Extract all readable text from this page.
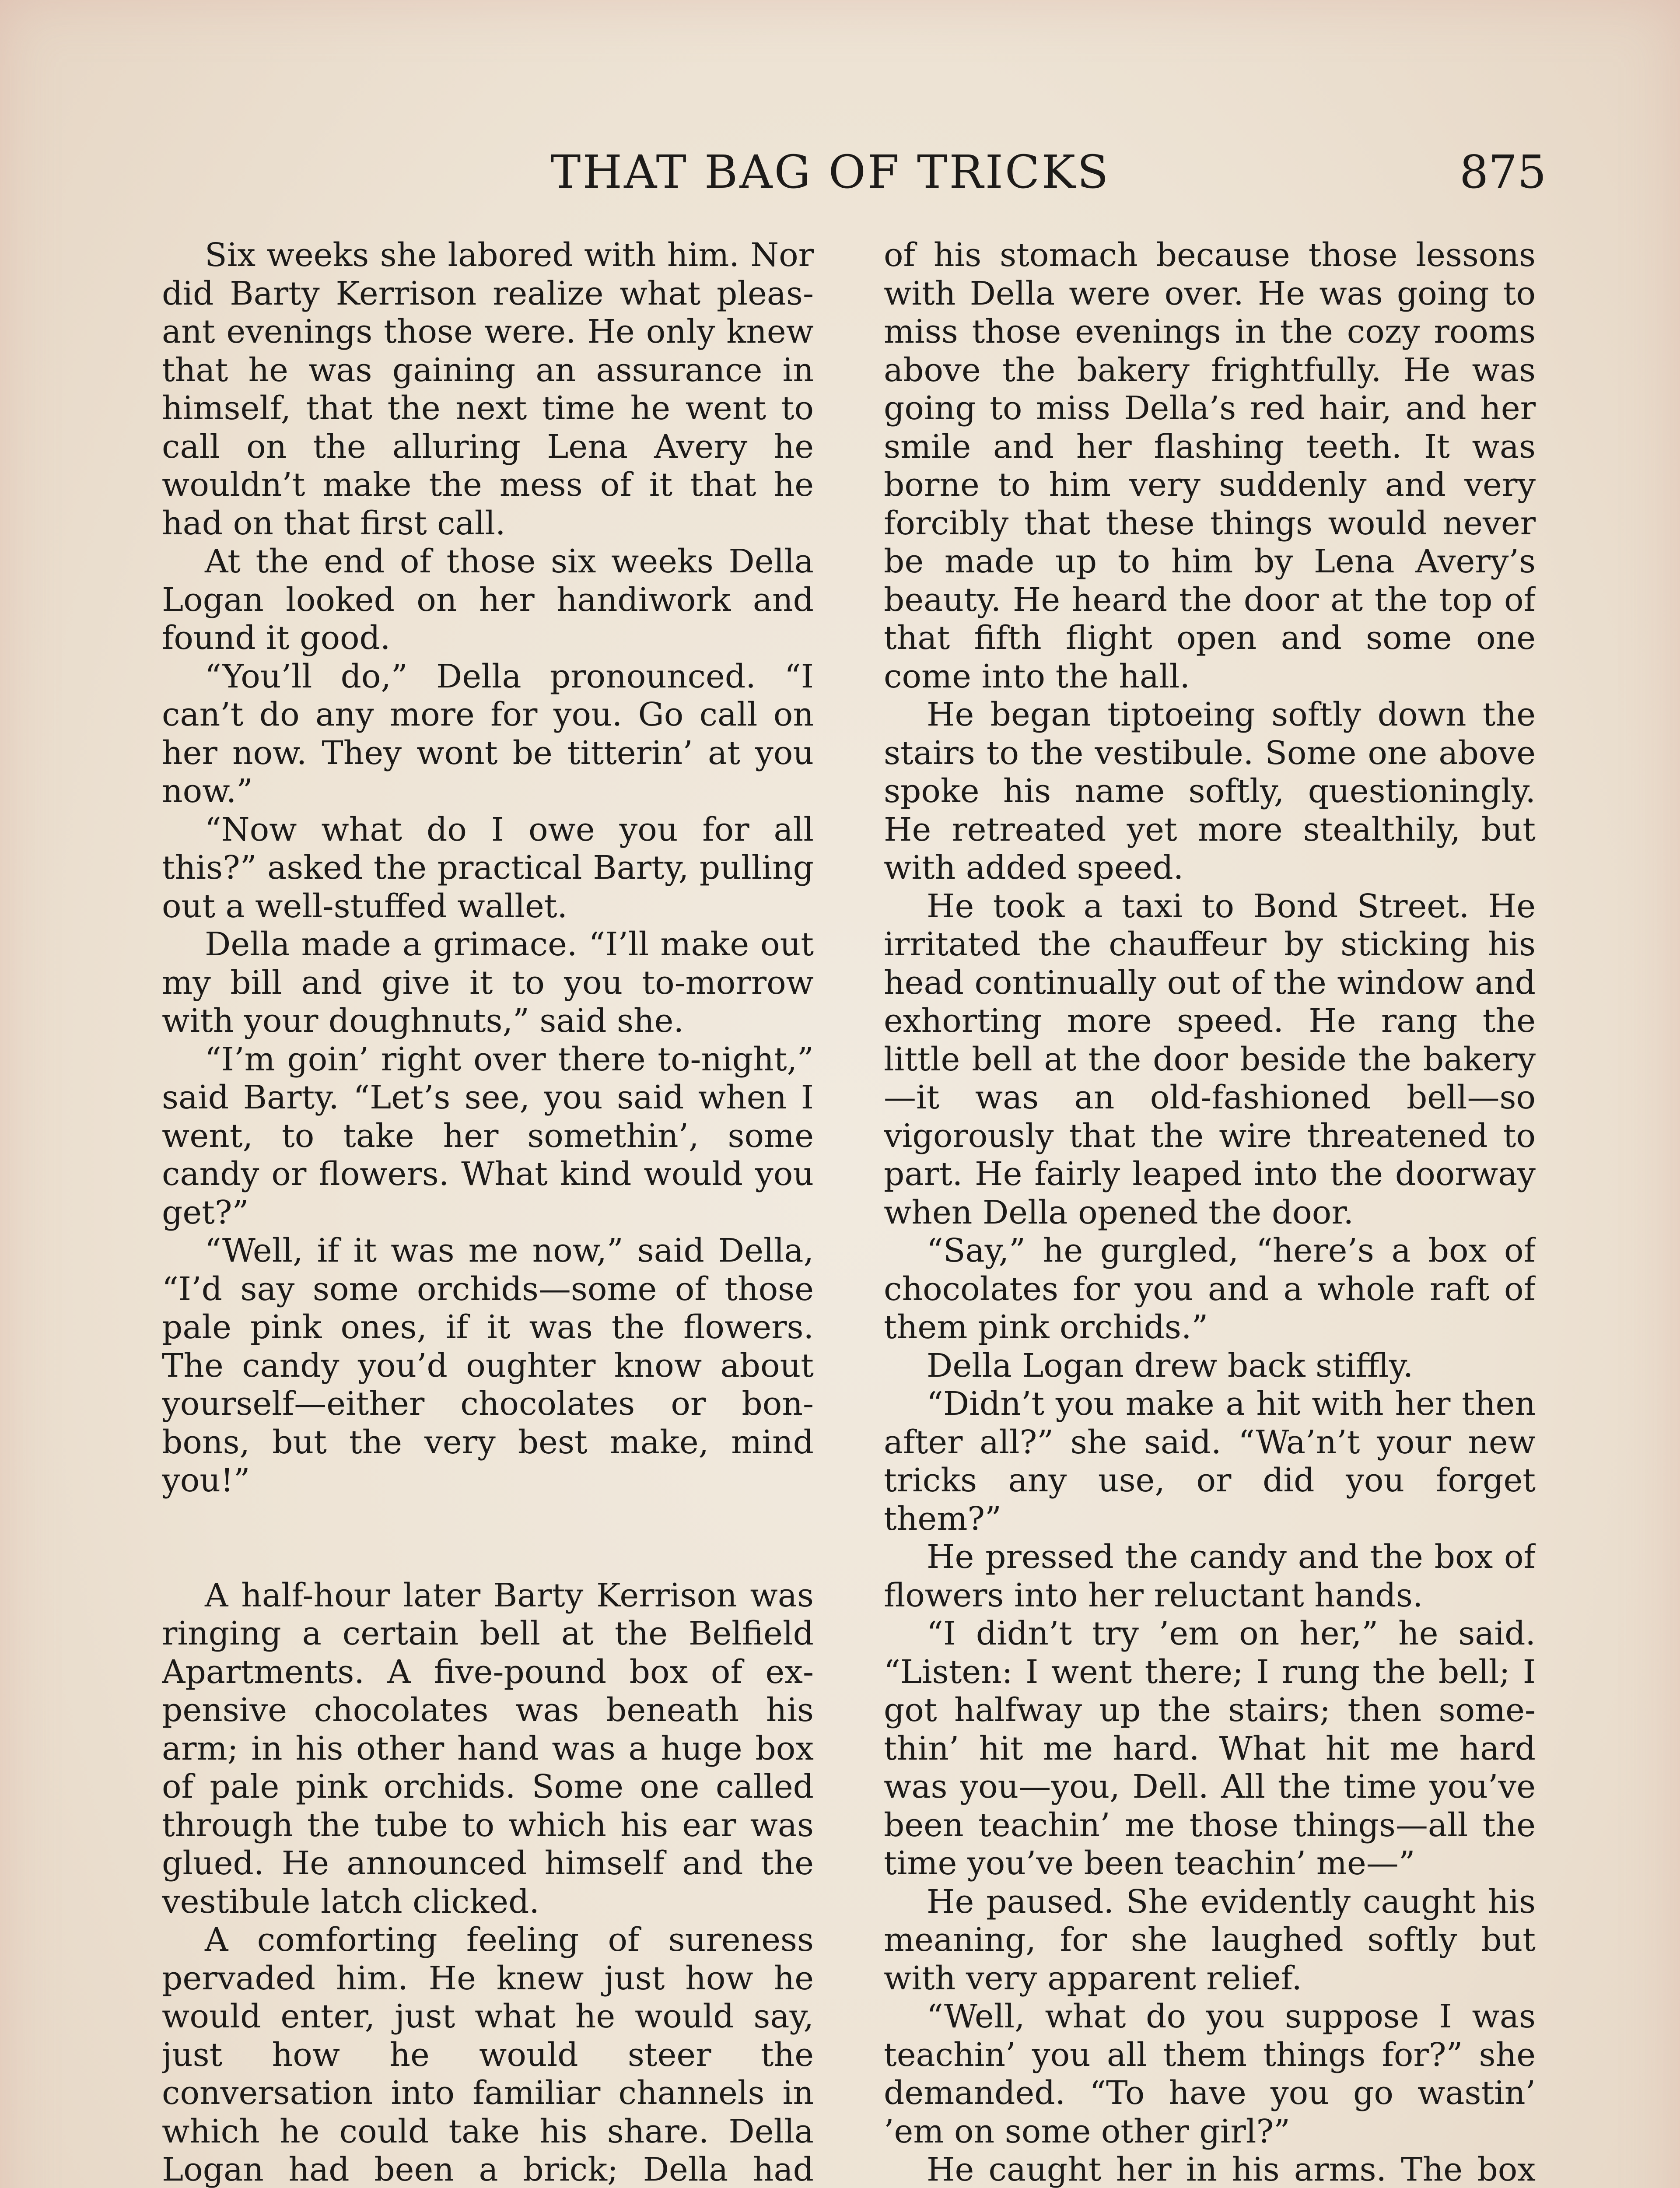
THAT BAG OF TRICKS	875

Six weeks she labored with him. Nor did Barty Kerrison realize what pleasant evenings those were. He only knew that he was gaining an assurance in himself, that the next time he went to call on the alluring Lena Avery he wouldn’t make the mess of it that he had on that first call.

At the end of those six weeks Della Logan looked on her handiwork and found it good.

“You’ll do,” Della pronounced. “I can’t do any more for you. Go call on her now. They wont be titterin’ at you now.”

“Now what do I owe you for all this?” asked the practical Barty, pulling out a well-stuffed wallet.

Della made a grimace. “I’ll make out my bill and give it to you to-morrow with your doughnuts,” said she.

“I’m goin’ right over there to-night,” said Barty. “Let’s see, you said when I went, to take her somethin’, some candy or flowers. What kind would you get?”

“Well, if it was me now,” said Della, “I’d say some orchids—some of those pale pink ones, if it was the flowers. The candy you’d oughter know about yourself—either chocolates or bonbons, but the very best make, mind you!”

A half-hour later Barty Kerrison was ringing a certain bell at the Belfield Apartments. A five-pound box of expensive chocolates was beneath his arm; in his other hand was a huge box of pale pink orchids. Some one called through the tube to which his ear was glued. He announced himself and the vestibule latch clicked.

A comforting feeling of sureness pervaded him. He knew just how he would enter, just what he would say, just how he would steer the conversation into familiar channels in which he could take his share. Della Logan had been a brick; Della had

of his stomach because those lessons with Della were over. He was going to miss those evenings in the cozy rooms above the bakery frightfully. He was going to miss Della’s red hair, and her smile and her flashing teeth. It was borne to him very suddenly and very forcibly that these things would never be made up to him by Lena Avery’s beauty. He heard the door at the top of that fifth flight open and some one come into the hall.

He began tiptoeing softly down the stairs to the vestibule. Some one above spoke his name softly, questioningly. He retreated yet more stealthily, but with added speed.

He took a taxi to Bond Street. He irritated the chauffeur by sticking his head continually out of the window and exhorting more speed. He rang the little bell at the door beside the bakery—it was an old-fashioned bell—so vigorously that the wire threatened to part. He fairly leaped into the doorway when Della opened the door.

“Say,” he gurgled, “here’s a box of chocolates for you and a whole raft of them pink orchids.”

Della Logan drew back stiffly.

“Didn’t you make a hit with her then after all?” she said. “Wa’n’t your new tricks any use, or did you forget them?”

He pressed the candy and the box of flowers into her reluctant hands.

“I didn’t try ’em on her,” he said. “Listen: I went there; I rung the bell; I got halfway up the stairs; then somethin’ hit me hard. What hit me hard was you—you, Dell. All the time you’ve been teachin’ me those things—all the time you’ve been teachin’ me—”

He paused. She evidently caught his meaning, for she laughed softly but with very apparent relief.

“Well, what do you suppose I was teachin’ you all them things for?” she demanded. “To have you go wastin’ ’em on some other girl?”

He caught her in his arms. The box
